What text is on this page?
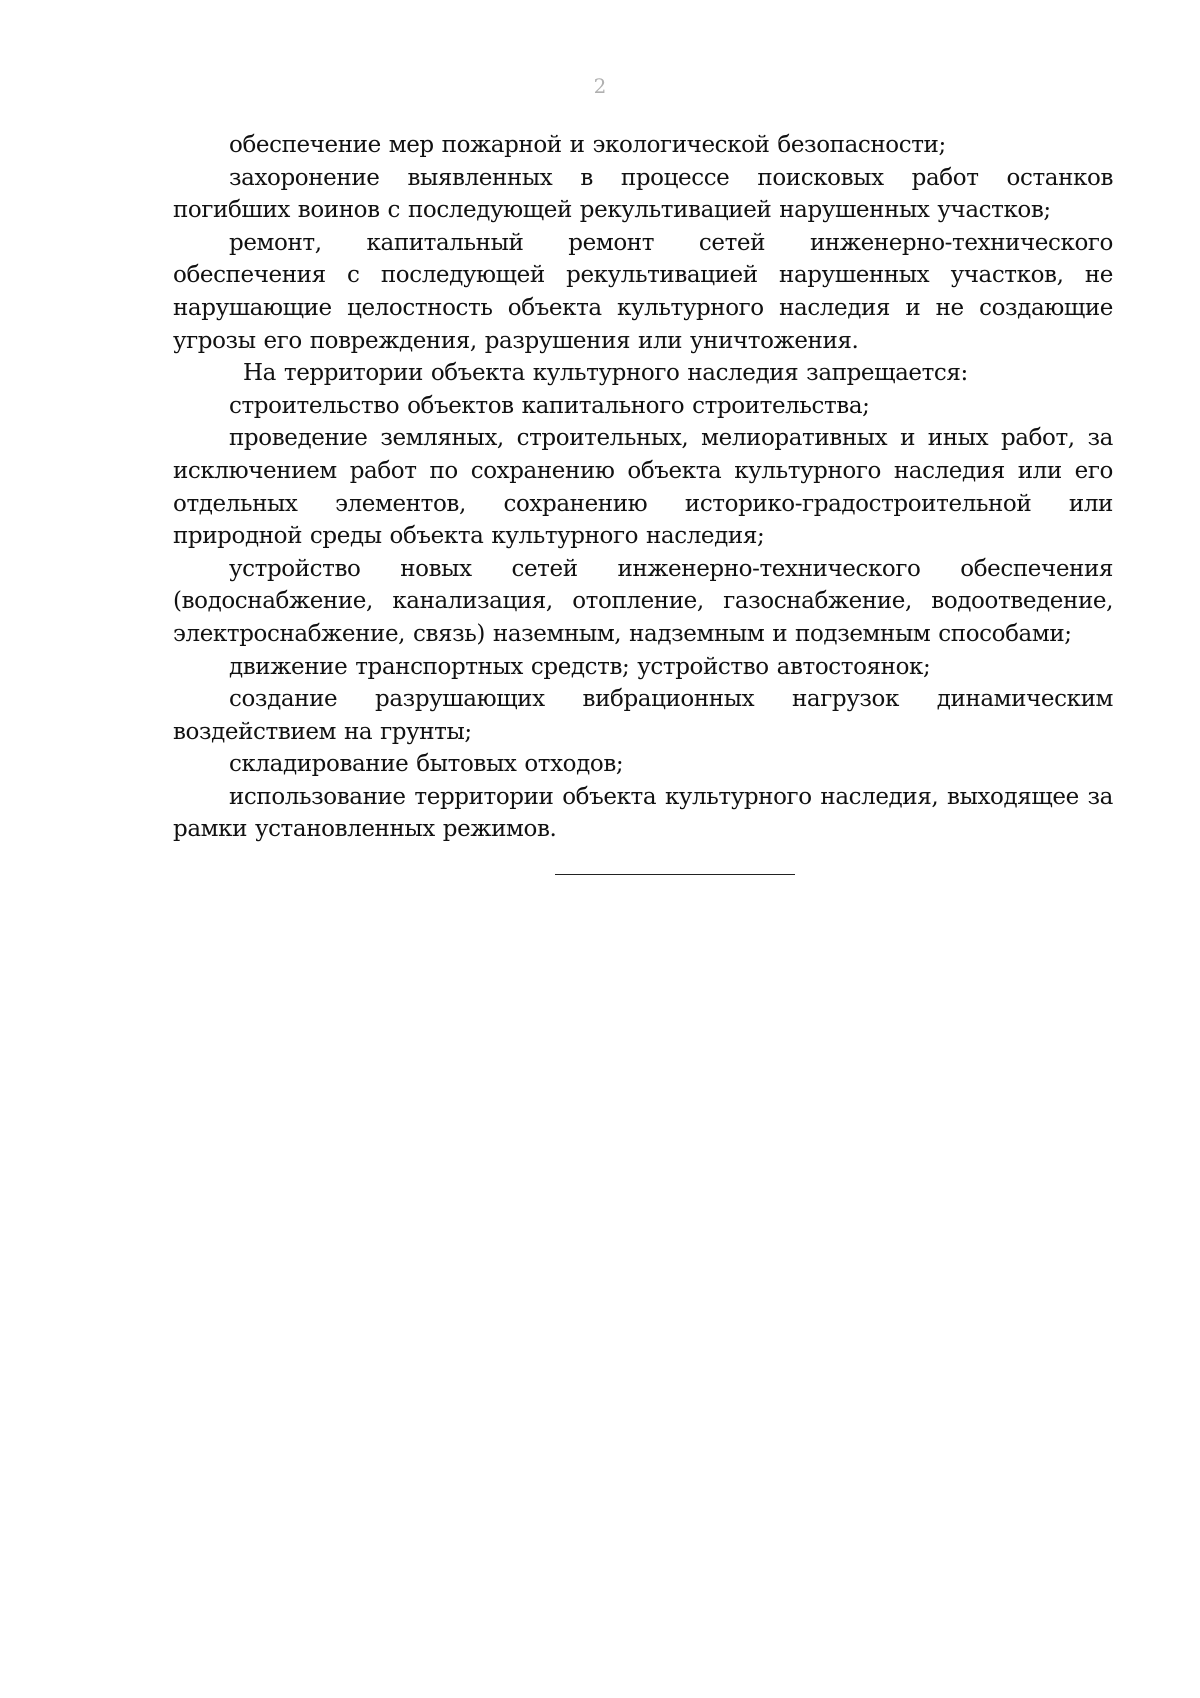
2

обеспечение мер пожарной и экологической безопасности;

захоронение выявленных в процессе поисковых работ останков погибших воинов с последующей рекультивацией нарушенных участков;

ремонт, капитальный ремонт сетей инженерно-технического обеспечения с последующей рекультивацией нарушенных участков, не нарушающие целостность объекта культурного наследия и не создающие угрозы его повреждения, разрушения или уничтожения.

На территории объекта культурного наследия запрещается:

строительство объектов капитального строительства;

проведение земляных, строительных, мелиоративных и иных работ, за исключением работ по сохранению объекта культурного наследия или его отдельных элементов, сохранению историко-градостроительной или природной среды объекта культурного наследия;

устройство новых сетей инженерно-технического обеспечения (водоснабжение, канализация, отопление, газоснабжение, водоотведение, электроснабжение, связь) наземным, надземным и подземным способами;

движение транспортных средств; устройство автостоянок;

создание разрушающих вибрационных нагрузок динамическим воздействием на грунты;

складирование бытовых отходов;

использование территории объекта культурного наследия, выходящее за рамки установленных режимов.
